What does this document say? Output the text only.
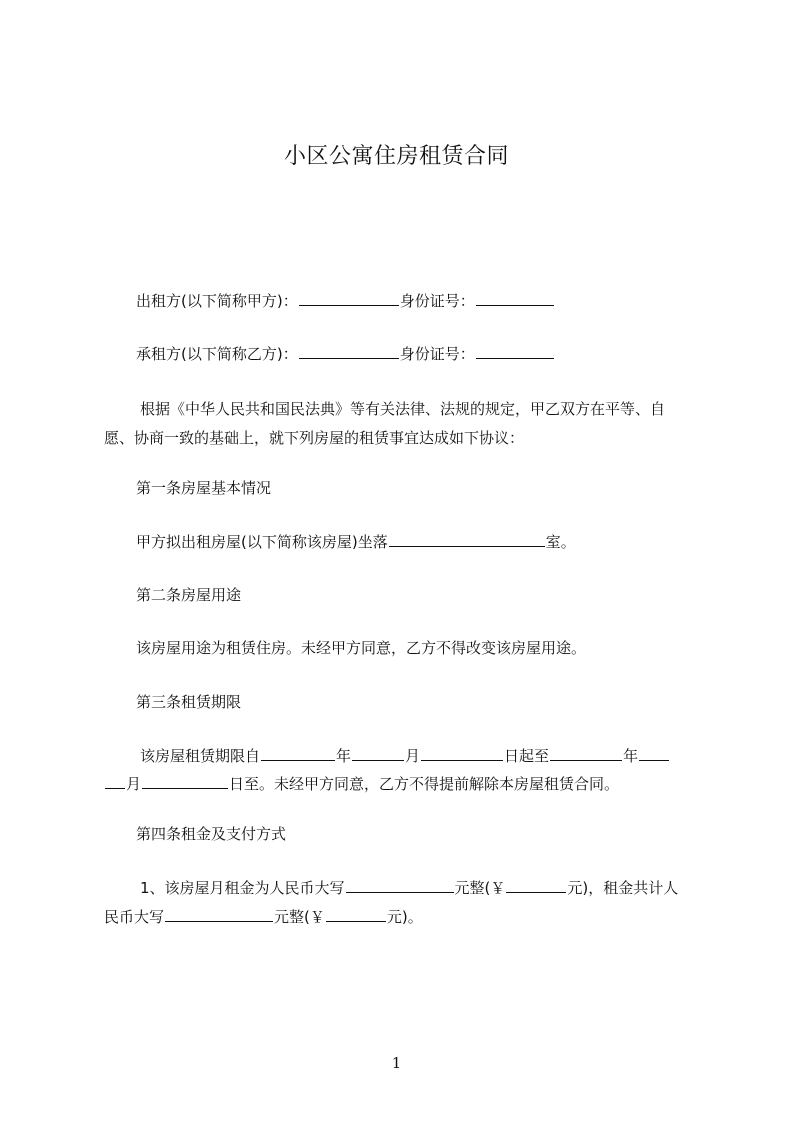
小区公寓住房租赁合同
出租方(以下简称甲方)：	身份证号：
承租方(以下简称乙方)：	身份证号：
根据《中华人民共和国民法典》等有关法律、法规的规定，甲乙双方在平等、自
愿、协商一致的基础上，就下列房屋的租赁事宜达成如下协议：
第一条房屋基本情况
甲方拟出租房屋(以下简称该房屋)坐落	室。
第二条房屋用途
该房屋用途为租赁住房。未经甲方同意，乙方不得改变该房屋用途。
第三条租赁期限
该房屋租赁期限自	年	月	日起至	年
月	日至。未经甲方同意，乙方不得提前解除本房屋租赁合同。
第四条租金及支付方式
1、该房屋月租金为人民币大写	元整(￥	元)，租金共计人
民币大写	元整(￥	元)。
1
